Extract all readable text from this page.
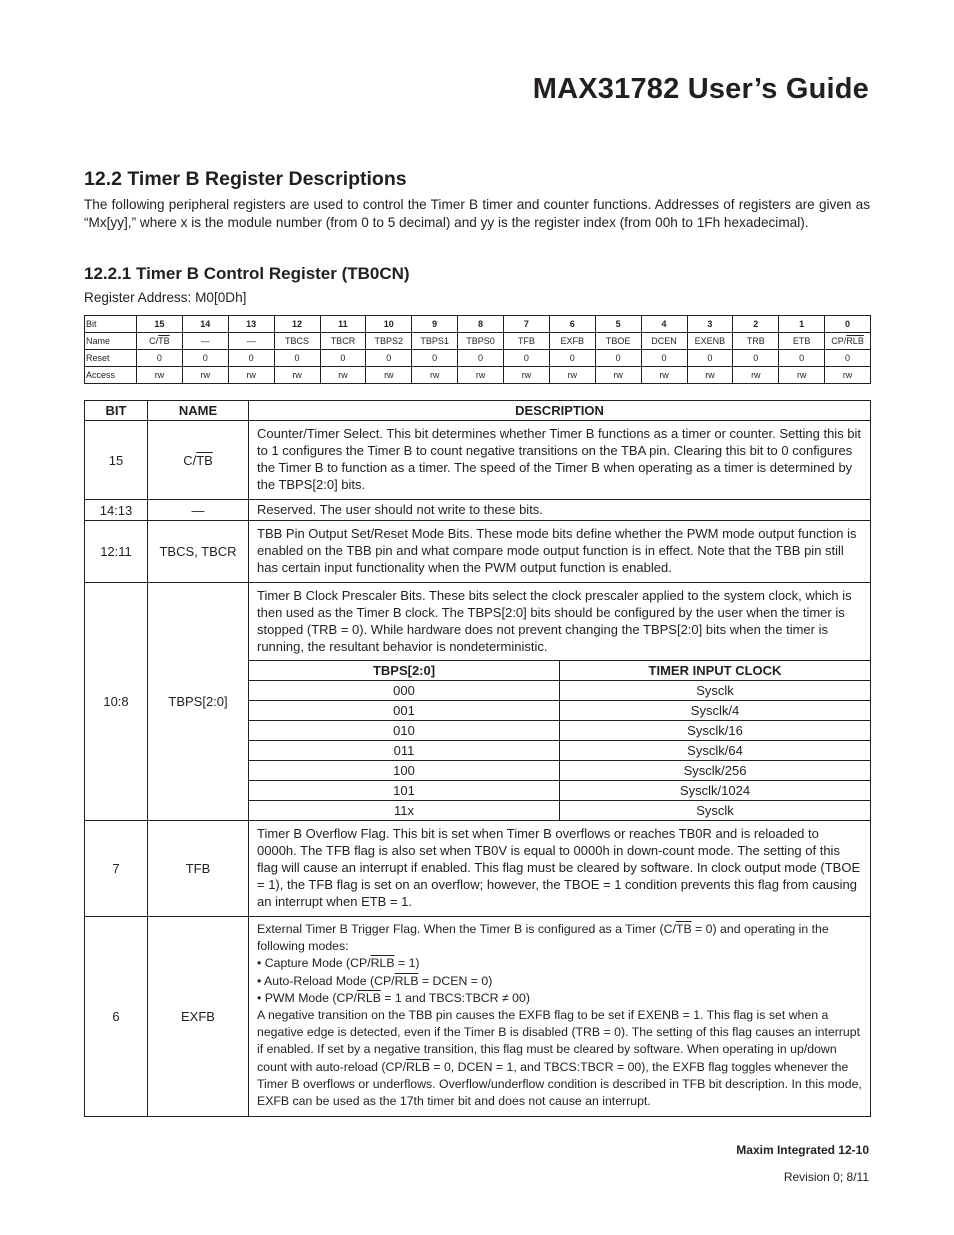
MAX31782 User’s Guide
12.2 Timer B Register Descriptions

The following peripheral registers are used to control the Timer B timer and counter functions. Addresses of registers are given as “Mx[yy],” where x is the module number (from 0 to 5 decimal) and yy is the register index (from 00h to 1Fh hexadecimal).

12.2.1 Timer B Control Register (TB0CN)

Register Address: M0[0Dh]

Bit	15	14	13	12	11	10	9	8	7	6	5	4	3	2	1	0
Name	$C/\overline{TB}$	—	—	TBCS	TBCR	TBPS2	TBPS1	TBPS0	TFB	EXFB	TBOE	DCEN	EXENB	TRB	ETB	$CP/\overline{RLB}$
Reset	0	0	0	0	0	0	0	0	0	0	0	0	0	0	0	0
Access	rw	rw	rw	rw	rw	rw	rw	rw	rw	rw	rw	rw	rw	rw	rw	rw
BIT	NAME	DESCRIPTION
15	$C/\overline{TB}$	Counter/Timer Select. This bit determines whether Timer B functions as a timer or counter. Setting this bit to 1 configures the Timer B to count negative transitions on the TBA pin. Clearing this bit to 0 configures the Timer B to function as a timer. The speed of the Timer B when operating as a timer is determined by the TBPS[2:0] bits.
14:13	—	Reserved. The user should not write to these bits.
12:11	TBCS, TBCR	TBB Pin Output Set/Reset Mode Bits. These mode bits define whether the PWM mode output function is enabled on the TBB pin and what compare mode output function is in effect. Note that the TBB pin still has certain input functionality when the PWM output function is enabled.
10:8	TBPS[2:0]	
Timer B Clock Prescaler Bits. These bits select the clock prescaler applied to the system clock, which is then used as the Timer B clock. The TBPS[2:0] bits should be configured by the user when the timer is stopped (TRB = 0). While hardware does not prevent changing the TBPS[2:0] bits when the timer is running, the resultant behavior is nondeterministic.
TBPS[2:0]	TIMER INPUT CLOCK
000	Sysclk
001	Sysclk/4
010	Sysclk/16
011	Sysclk/64
100	Sysclk/256
101	Sysclk/1024
11x	Sysclk

7	TFB	Timer B Overflow Flag. This bit is set when Timer B overflows or reaches TB0R and is reloaded to 0000h. The TFB flag is also set when TB0V is equal to 0000h in down-count mode. The setting of this flag will cause an interrupt if enabled. This flag must be cleared by software. In clock output mode (TBOE = 1), the TFB flag is set on an overflow; however, the TBOE = 1 condition prevents this flag from causing an interrupt when ETB = 1.
6	EXFB	

External Timer B Trigger Flag. When the Timer B is configured as a Timer $(C/\overline{TB} = 0)$ and operating in the following modes:

• Capture Mode $(CP/\overline{RLB} = 1)$

• Auto-Reload Mode ($CP/\overline{RLB}$ = DCEN = 0)

• PWM Mode ($CP/\overline{RLB} = 1$ and TBCS:TBCR ≠ 00)

A negative transition on the TBB pin causes the EXFB flag to be set if EXENB = 1. This flag is set when a negative edge is detected, even if the Timer B is disabled (TRB = 0). The setting of this flag causes an interrupt if enabled. If set by a negative transition, this flag must be cleared by software. When operating in up/down count with auto-reload ($CP/\overline{RLB} = 0$, DCEN = 1, and TBCS:TBCR = 00), the EXFB flag toggles whenever the Timer B overflows or underflows. Overflow/underflow condition is described in TFB bit description. In this mode, EXFB can be used as the 17th timer bit and does not cause an interrupt.

Maxim Integrated 12-10

Revision 0; 8/11
